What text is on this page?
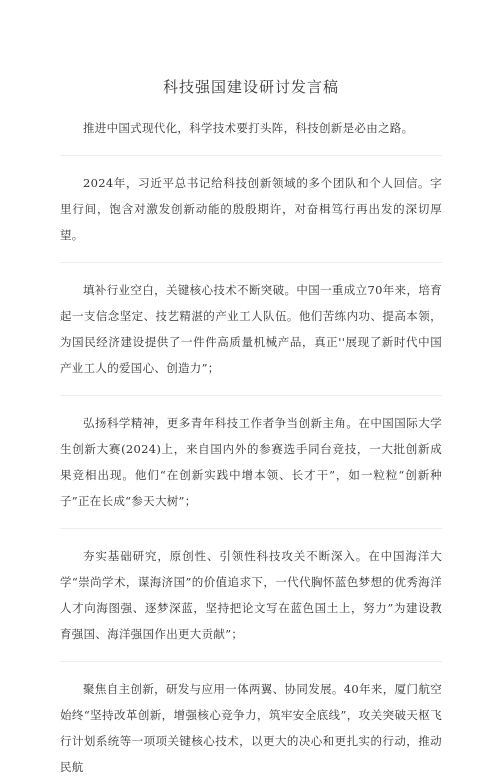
科技强国建设研讨发言稿

推进中国式现代化，科学技术要打头阵，科技创新是必由之路。

2024年，习近平总书记给科技创新领域的多个团队和个人回信。字里行间，饱含对激发创新动能的殷殷期许，对奋楫笃行再出发的深切厚望。

填补行业空白，关键核心技术不断突破。中国一重成立70年来，培育起一支信念坚定、技艺精湛的产业工人队伍。他们苦练内功、提高本领，为国民经济建设提供了一件件高质量机械产品，真正''展现了新时代中国产业工人的爱国心、创造力”；

弘扬科学精神，更多青年科技工作者争当创新主角。在中国国际大学生创新大赛(2024)上，来自国内外的参赛选手同台竞技，一大批创新成果竞相出现。他们“在创新实践中增本领、长才干”，如一粒粒“创新种子”正在长成“参天大树”；

夯实基础研究，原创性、引领性科技攻关不断深入。在中国海洋大学“崇尚学术，谋海济国”的价值追求下，一代代胸怀蓝色梦想的优秀海洋人才向海图强、逐梦深蓝，坚持把论文写在蓝色国土上，努力”为建设教育强国、海洋强国作出更大贡献”；

聚焦自主创新，研发与应用一体两翼、协同发展。40年来，厦门航空始终“坚持改革创新，增强核心竞争力，筑牢安全底线”，攻关突破天枢飞行计划系统等一项项关键核心技术，以更大的决心和更扎实的行动，推动民航
